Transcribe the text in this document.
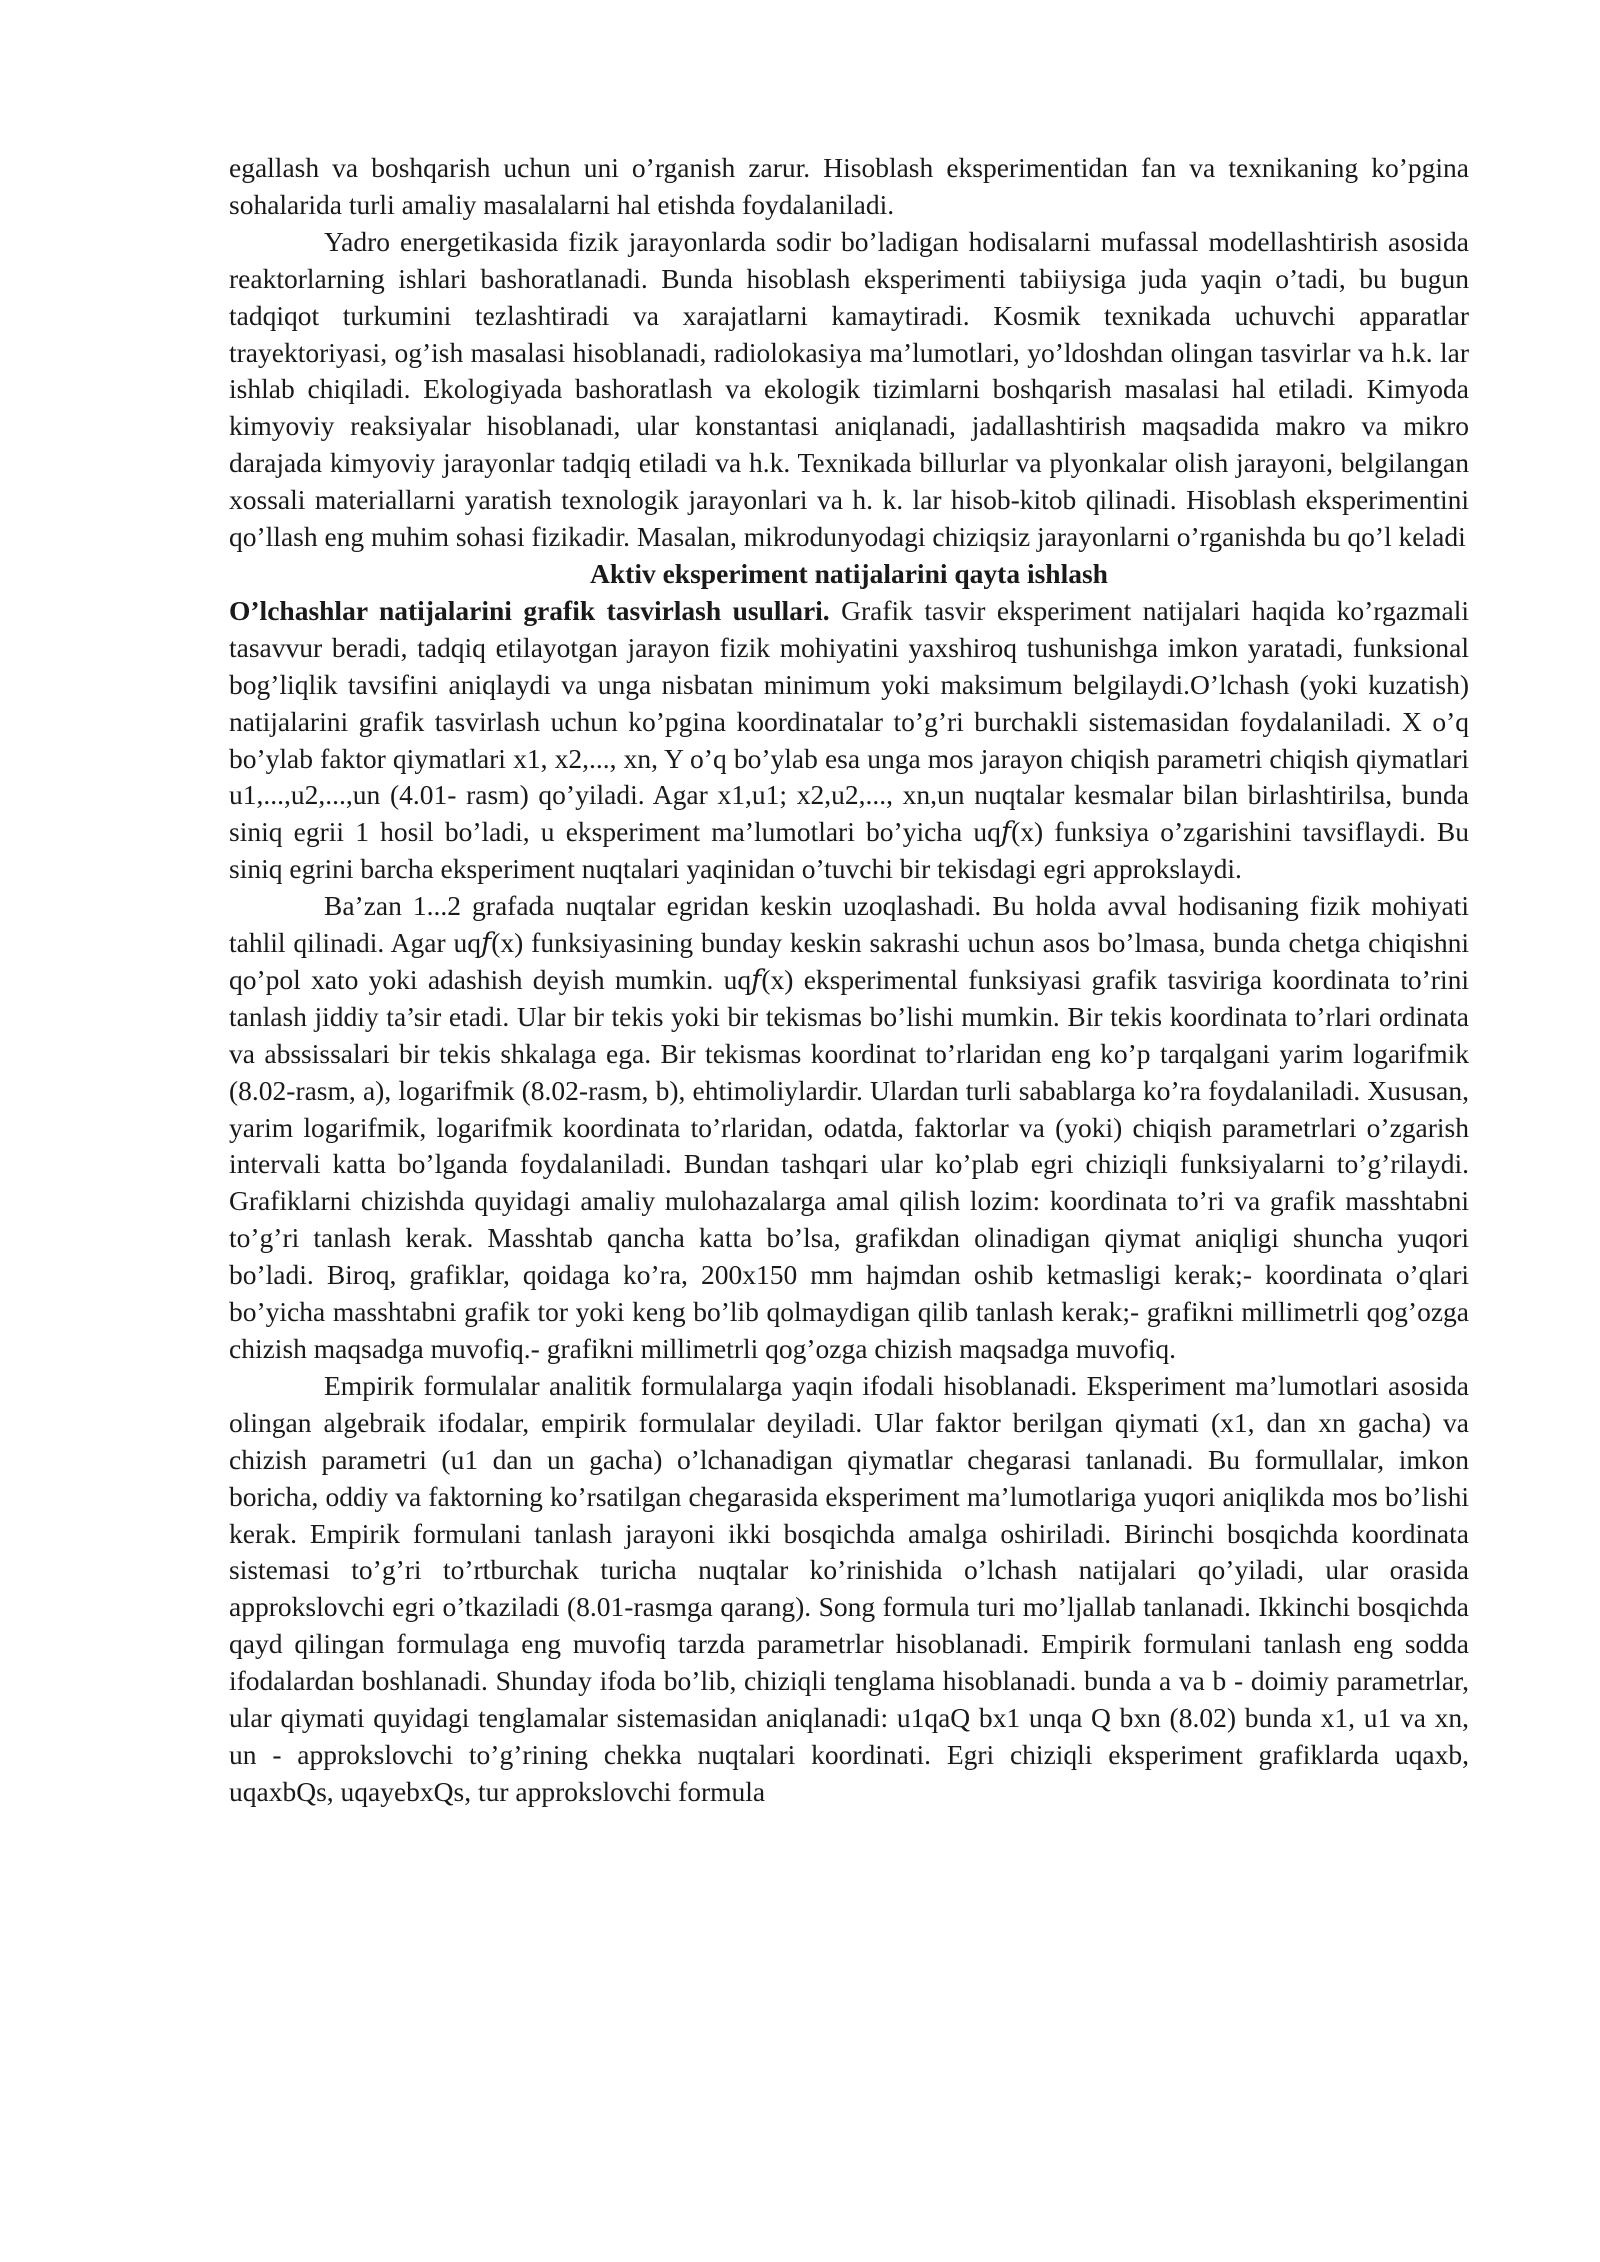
egallash va boshqarish uchun uni o’rganish zarur. Hisoblash eksperimentidan fan va texnikaning ko’pgina sohalarida turli amaliy masalalarni hal etishda foydalaniladi.

Yadro energetikasida fizik jarayonlarda sodir bo’ladigan hodisalarni mufassal modellashtirish asosida reaktorlarning ishlari bashoratlanadi. Bunda hisoblash eksperimenti tabiiysiga juda yaqin o’tadi, bu bugun tadqiqot turkumini tezlashtiradi va xarajatlarni kamaytiradi. Kosmik texnikada uchuvchi apparatlar trayektoriyasi, og’ish masalasi hisoblanadi, radiolokasiya ma’lumotlari, yo’ldoshdan olingan tasvirlar va h.k. lar ishlab chiqiladi. Ekologiyada bashoratlash va ekologik tizimlarni boshqarish masalasi hal etiladi. Kimyoda kimyoviy reaksiyalar hisoblanadi, ular konstantasi aniqlanadi, jadallashtirish maqsadida makro va mikro darajada kimyoviy jarayonlar tadqiq etiladi va h.k. Texnikada billurlar va plyonkalar olish jarayoni, belgilangan xossali materiallarni yaratish texnologik jarayonlari va h. k. lar hisob-kitob qilinadi. Hisoblash eksperimentini qo’llash eng muhim sohasi fizikadir. Masalan, mikrodunyodagi chiziqsiz jarayonlarni o’rganishda bu qo’l keladi

Aktiv eksperiment natijalarini qayta ishlash

O’lchashlar natijalarini grafik tasvirlash usullari. Grafik tasvir eksperiment natijalari haqida ko’rgazmali tasavvur beradi, tadqiq etilayotgan jarayon fizik mohiyatini yaxshiroq tushunishga imkon yaratadi, funksional bog’liqlik tavsifini aniqlaydi va unga nisbatan minimum yoki maksimum belgilaydi.O’lchash (yoki kuzatish) natijalarini grafik tasvirlash uchun ko’pgina koordinatalar to’g’ri burchakli sistemasidan foydalaniladi. X o’q bo’ylab faktor qiymatlari x1, x2,..., xn, Y o’q bo’ylab esa unga mos jarayon chiqish parametri chiqish qiymatlari u1,...,u2,...,un (4.01- rasm) qo’yiladi. Agar x1,u1; x2,u2,..., xn,un nuqtalar kesmalar bilan birlashtirilsa, bunda siniq egrii 1 hosil bo’ladi, u eksperiment ma’lumotlari bo’yicha uq𝑓(x) funksiya o’zgarishini tavsiflaydi. Bu siniq egrini barcha eksperiment nuqtalari yaqinidan o’tuvchi bir tekisdagi egri approkslaydi.

Ba’zan 1...2 grafada nuqtalar egridan keskin uzoqlashadi. Bu holda avval hodisaning fizik mohiyati tahlil qilinadi. Agar uq𝑓(x) funksiyasining bunday keskin sakrashi uchun asos bo’lmasa, bunda chetga chiqishni qo’pol xato yoki adashish deyish mumkin. uq𝑓(x) eksperimental funksiyasi grafik tasviriga koordinata to’rini tanlash jiddiy ta’sir etadi. Ular bir tekis yoki bir tekismas bo’lishi mumkin. Bir tekis koordinata to’rlari ordinata va abssissalari bir tekis shkalaga ega. Bir tekismas koordinat to’rlaridan eng ko’p tarqalgani yarim logarifmik (8.02-rasm, a), logarifmik (8.02-rasm, b), ehtimoliylardir. Ulardan turli sabablarga ko’ra foydalaniladi. Xususan, yarim logarifmik, logarifmik koordinata to’rlaridan, odatda, faktorlar va (yoki) chiqish parametrlari o’zgarish intervali katta bo’lganda foydalaniladi. Bundan tashqari ular ko’plab egri chiziqli funksiyalarni to’g’rilaydi. Grafiklarni chizishda quyidagi amaliy mulohazalarga amal qilish lozim: koordinata to’ri va grafik masshtabni to’g’ri tanlash kerak. Masshtab qancha katta bo’lsa, grafikdan olinadigan qiymat aniqligi shuncha yuqori bo’ladi. Biroq, grafiklar, qoidaga ko’ra, 200x150 mm hajmdan oshib ketmasligi kerak;- koordinata o’qlari bo’yicha masshtabni grafik tor yoki keng bo’lib qolmaydigan qilib tanlash kerak;- grafikni millimetrli qog’ozga chizish maqsadga muvofiq.- grafikni millimetrli qog’ozga chizish maqsadga muvofiq.

Empirik formulalar analitik formulalarga yaqin ifodali hisoblanadi. Eksperiment ma’lumotlari asosida olingan algebraik ifodalar, empirik formulalar deyiladi. Ular faktor berilgan qiymati (x1, dan xn gacha) va chizish parametri (u1 dan un gacha) o’lchanadigan qiymatlar chegarasi tanlanadi. Bu formullalar, imkon boricha, oddiy va faktorning ko’rsatilgan chegarasida eksperiment ma’lumotlariga yuqori aniqlikda mos bo’lishi kerak. Empirik formulani tanlash jarayoni ikki bosqichda amalga oshiriladi. Birinchi bosqichda koordinata sistemasi to’g’ri to’rtburchak turicha nuqtalar ko’rinishida o’lchash natijalari qo’yiladi, ular orasida approkslovchi egri o’tkaziladi (8.01-rasmga qarang). Song formula turi mo’ljallab tanlanadi. Ikkinchi bosqichda qayd qilingan formulaga eng muvofiq tarzda parametrlar hisoblanadi. Empirik formulani tanlash eng sodda ifodalardan boshlanadi. Shunday ifoda bo’lib, chiziqli tenglama hisoblanadi. bunda a va b - doimiy parametrlar, ular qiymati quyidagi tenglamalar sistemasidan aniqlanadi: u1qaQ bx1 unqa Q bxn (8.02) bunda x1, u1 va xn, un - approkslovchi to’g’rining chekka nuqtalari koordinati. Egri chiziqli eksperiment grafiklarda uqaxb, uqaxbQs, uqayebxQs, tur approkslovchi formula
